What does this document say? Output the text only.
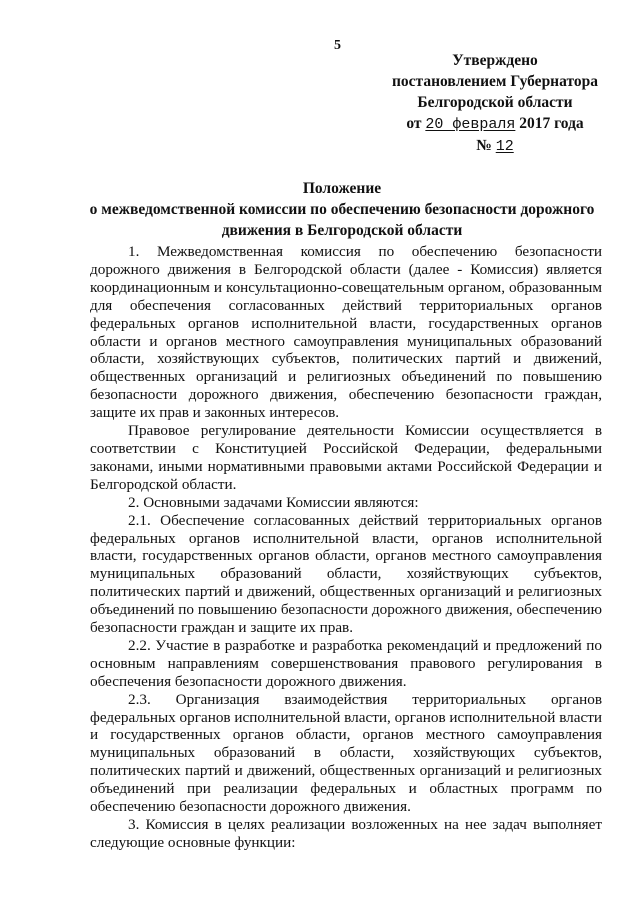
5
Утверждено
постановлением Губернатора
Белгородской области
от 20 февраля 2017 года
№ 12
Положение
о межведомственной комиссии по обеспечению безопасности дорожного
движения в Белгородской области

1. Межведомственная комиссия по обеспечению безопасности дорожного движения в Белгородской области (далее - Комиссия) является координационным и консультационно-совещательным органом, образованным для обеспечения согласованных действий территориальных органов федеральных органов исполнительной власти, государственных органов области и органов местного самоуправления муниципальных образований области, хозяйствующих субъектов, политических партий и движений, общественных организаций и религиозных объединений по повышению безопасности дорожного движения, обеспечению безопасности граждан, защите их прав и законных интересов.

Правовое регулирование деятельности Комиссии осуществляется в соответствии с Конституцией Российской Федерации, федеральными законами, иными нормативными правовыми актами Российской Федерации и Белгородской области.

2. Основными задачами Комиссии являются:

2.1. Обеспечение согласованных действий территориальных органов федеральных органов исполнительной власти, органов исполнительной власти, государственных органов области, органов местного самоуправления муниципальных образований области, хозяйствующих субъектов, политических партий и движений, общественных организаций и религиозных объединений по повышению безопасности дорожного движения, обеспечению безопасности граждан и защите их прав.

2.2. Участие в разработке и разработка рекомендаций и предложений по основным направлениям совершенствования правового регулирования в обеспечения безопасности дорожного движения.

2.3. Организация взаимодействия территориальных органов федеральных органов исполнительной власти, органов исполнительной власти и государственных органов области, органов местного самоуправления муниципальных образований в области, хозяйствующих субъектов, политических партий и движений, общественных организаций и религиозных объединений при реализации федеральных и областных программ по обеспечению безопасности дорожного движения.

3. Комиссия в целях реализации возложенных на нее задач выполняет следующие основные функции:
